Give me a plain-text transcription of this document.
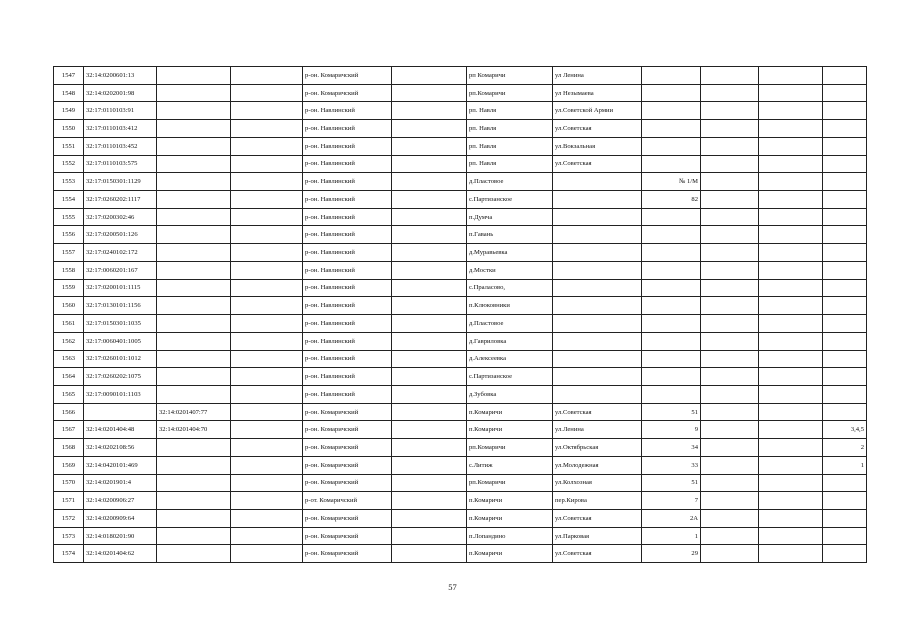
1547	32:14:0200601:13			р-он. Комаричский		рп Комаричи	ул Ленина				
1548	32:14:0202001:98			р-он. Комаричский		рп.Комаричи	ул Незымаева				
1549	32:17:0110103:91			р-он. Навлинский		рп. Навля	ул.Советской Армии				
1550	32:17:0110103:412			р-он. Навлинский		рп. Навля	ул.Советская				
1551	32:17:0110103:452			р-он. Навлинский		рп. Навля	ул.Вокзальная				
1552	32:17:0110103:575			р-он. Навлинский		рп. Навля	ул.Советская				
1553	32:17:0150301:1129			р-он. Навлинский		д.Пластовое		№ 1/М			
1554	32:17:0260202:1117			р-он. Навлинский		с.Партизанское		82			
1555	32:17:0200302:46			р-он. Навлинский		п.Думча					
1556	32:17:0200501:126			р-он. Навлинский		п.Гавань					
1557	32:17:0240102:172			р-он. Навлинский		д.Муравьевка					
1558	32:17:0060201:167			р-он. Навлинский		д.Мостки					
1559	32:17:0200101:1115			р-он. Навлинский		с.Праласово,					
1560	32:17:0130101:1156			р-он. Навлинский		п.Клюковники					
1561	32:17:0150301:1035			р-он. Навлинский		д.Пластовое					
1562	32:17:0060401:1005			р-он. Навлинский		д.Гавриловка					
1563	32:17:0260101:1012			р-он. Навлинский		д.Алексеевка					
1564	32:17:0260202:1075			р-он. Навлинский		с.Партизанское					
1565	32:17:0090101:1103			р-он. Навлинский		д.Зубовка					
1566		32:14:0201407:77		р-он. Комаричский		п.Комаричи	ул.Советская	51			
1567	32:14:0201404:48	32:14:0201404:70		р-он. Комаричский		п.Комаричи	ул.Ленина	9			3,4,5
1568	32:14:0202108:56			р-он. Комаричский		рп.Комаричи	ул.Октябрьская	34			2
1569	32:14:0420101:469			р-он. Комаричский		с.Литиж	ул.Молодежная	33			1
1570	32:14:0201901:4			р-он. Комаричский		рп.Комаричи	ул.Колхозная	51			
1571	32:14:0200906:27			р-от. Комаричский		п.Комаричи	пер.Кирова	7			
1572	32:14:0200909:64			р-он. Комаричский		п.Комаричи	ул.Советская	2А			
1573	32:14:0180201:90			р-он. Комаричский		п.Лопандино	ул.Парковая	1			
1574	32:14:0201404:62			р-он. Комаричский		п.Комаричи	ул.Советская	29			
57
